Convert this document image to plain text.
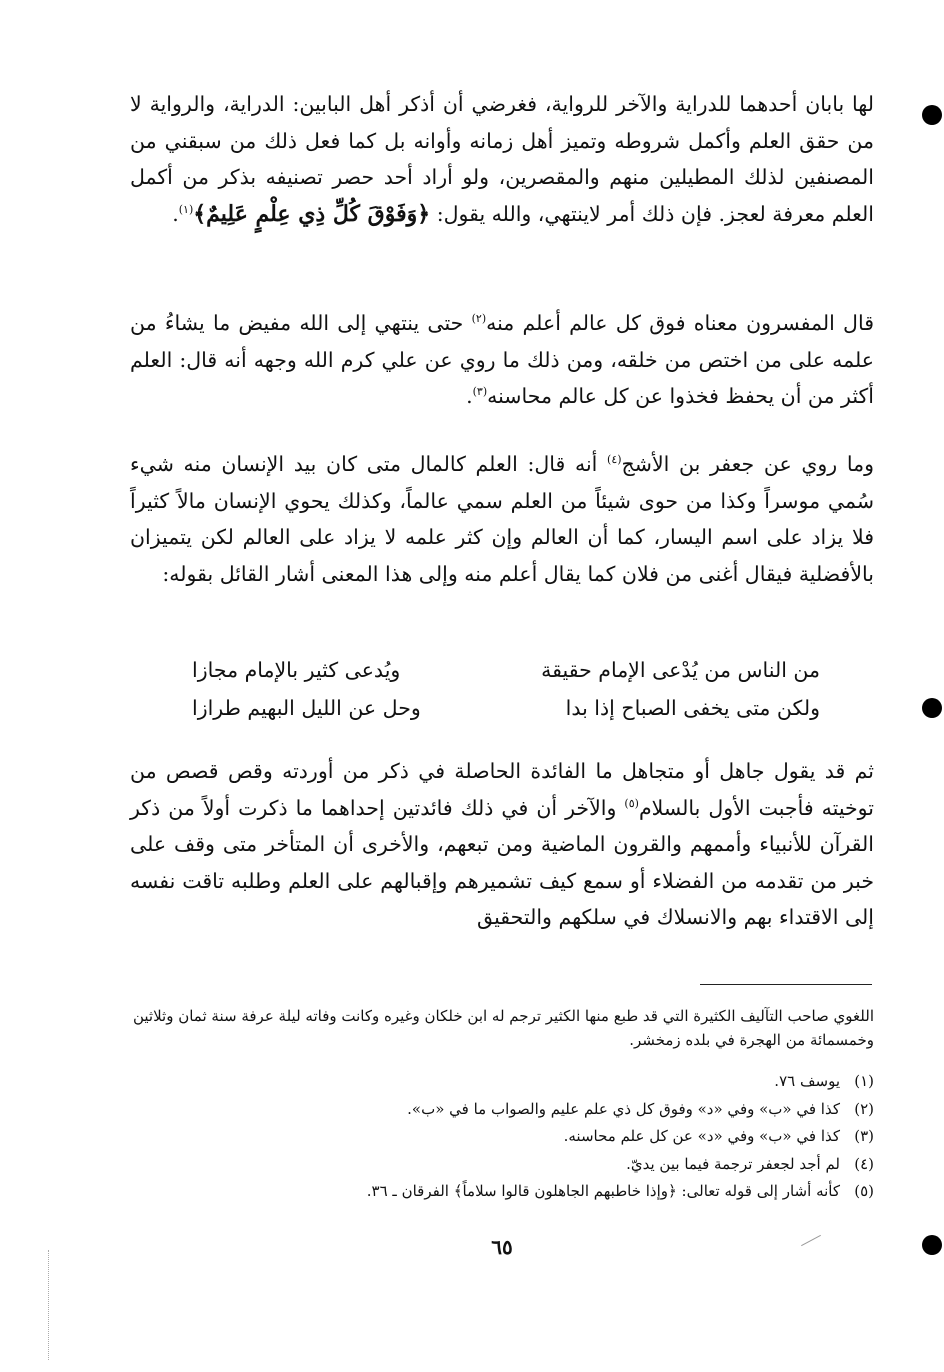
لها بابان أحدهما للدراية والآخر للرواية، فغرضي أن أذكر أهل البابين: الدراية، والرواية لا من حقق العلم وأكمل شروطه وتميز أهل زمانه وأوانه بل كما فعل ذلك من سبقني من المصنفين لذلك المطيلين منهم والمقصرين، ولو أراد أحد حصر تصنيفه بذكر من أكمل العلم معرفة لعجز. فإن ذلك أمر لاينتهي، والله يقول: ﴿وَفَوْقَ كُلِّ ذِي عِلْمٍ عَلِيمٌ﴾$^{(١)}$.

قال المفسرون معناه فوق كل عالم أعلم منه$^{(٢)}$ حتى ينتهي إلى الله مفيض ما يشاءُ من علمه على من اختص من خلقه، ومن ذلك ما روي عن علي كرم الله وجهه أنه قال: العلم أكثر من أن يحفظ فخذوا عن كل عالم محاسنه$^{(٣)}$.

وما روي عن جعفر بن الأشج$^{(٤)}$ أنه قال: العلم كالمال متى كان بيد الإنسان منه شيء سُمي موسراً وكذا من حوى شيئاً من العلم سمي عالماً، وكذلك يحوي الإنسان مالاً كثيراً فلا يزاد على اسم اليسار، كما أن العالم وإن كثر علمه لا يزاد على العالم لكن يتميزان بالأفضلية فيقال أغنى من فلان كما يقال أعلم منه وإلى هذا المعنى أشار القائل بقوله:

من الناس من يُدْعى الإمام حقيقة
ويُدعى كثير بالإمام مجازا
ولكن متى يخفى الصباح إذا بدا
وحل عن الليل البهيم طرازا

ثم قد يقول جاهل أو متجاهل ما الفائدة الحاصلة في ذكر من أوردته وقص قصص من توخيته فأجبت الأول بالسلام$^{(٥)}$ والآخر أن في ذلك فائدتين إحداهما ما ذكرت أولاً من ذكر القرآن للأنبياء وأممهم والقرون الماضية ومن تبعهم، والأخرى أن المتأخر متى وقف على خبر من تقدمه من الفضلاء أو سمع كيف تشميرهم وإقبالهم على العلم وطلبه تاقت نفسه إلى الاقتداء بهم والانسلاك في سلكهم والتحقيق

اللغوي صاحب التآليف الكثيرة التي قد طبع منها الكثير ترجم له ابن خلكان وغيره وكانت وفاته ليلة عرفة سنة ثمان وثلاثين وخمسمائة من الهجرة في بلده زمخشر.

(١)يوسف ٧٦.
(٢)كذا في «ب» وفي «د» وفوق كل ذي علم عليم والصواب ما في «ب».
(٣)كذا في «ب» وفي «د» عن كل علم محاسنه.
(٤)لم أجد لجعفر ترجمة فيما بين يديّ.
(٥)كأنه أشار إلى قوله تعالى: ﴿وإذا خاطبهم الجاهلون قالوا سلاماً﴾ الفرقان ـ ٣٦.
٦٥
